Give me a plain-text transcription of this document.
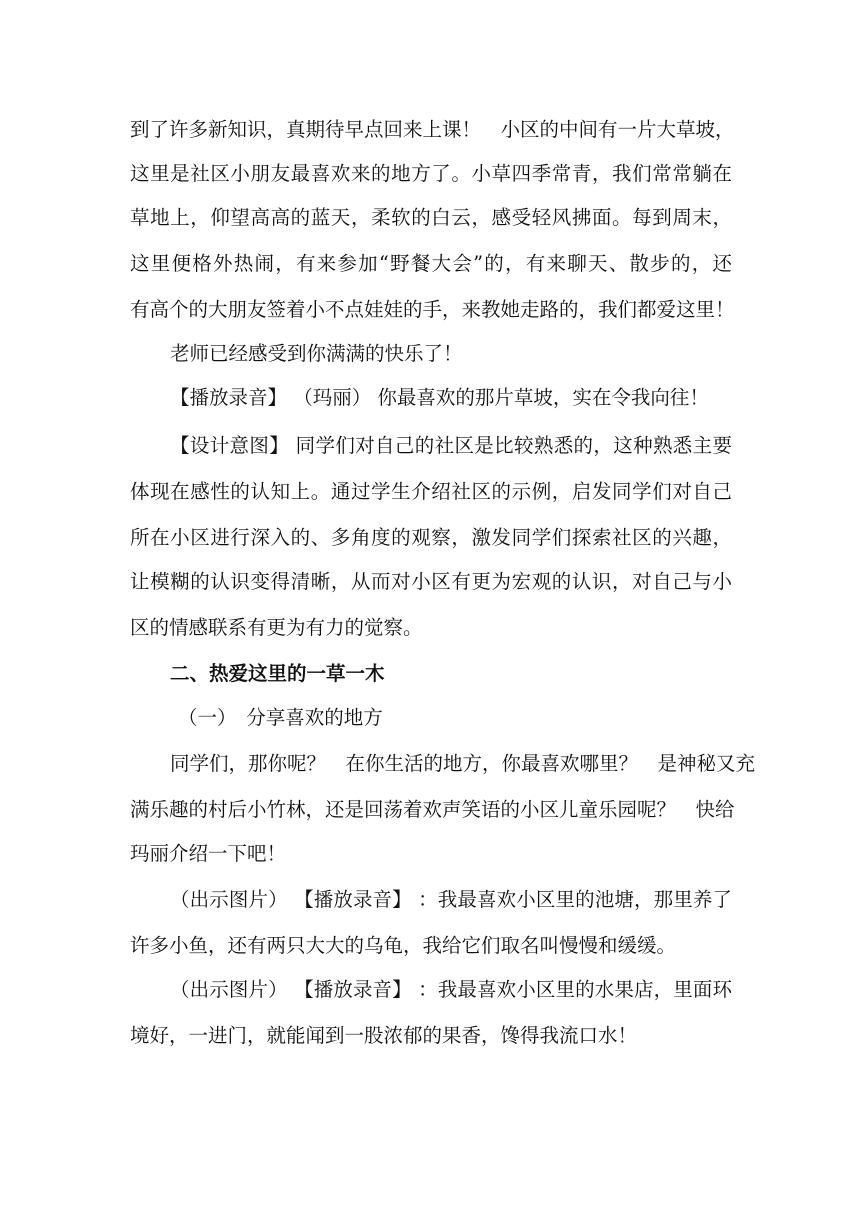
到了许多新知识，真期待早点回来上课！　小区的中间有一片大草坡，
这里是社区小朋友最喜欢来的地方了。小草四季常青，我们常常躺在
草地上，仰望高高的蓝天，柔软的白云，感受轻风拂面。每到周末，
这里便格外热闹，有来参加“野餐大会”的，有来聊天、散步的，还
有高个的大朋友签着小不点娃娃的手，来教她走路的，我们都爱这里！
老师已经感受到你满满的快乐了！
【播放录音】 （玛丽） 你最喜欢的那片草坡，实在令我向往！
【设计意图】 同学们对自己的社区是比较熟悉的，这种熟悉主要
体现在感性的认知上。通过学生介绍社区的示例，启发同学们对自己
所在小区进行深入的、多角度的观察，激发同学们探索社区的兴趣，
让模糊的认识变得清晰，从而对小区有更为宏观的认识，对自己与小
区的情感联系有更为有力的觉察。
二、热爱这里的一草一木
（一）　分享喜欢的地方
同学们，那你呢？　在你生活的地方，你最喜欢哪里？　是神秘又充
满乐趣的村后小竹林，还是回荡着欢声笑语的小区儿童乐园呢？　快给
玛丽介绍一下吧！
（出示图片） 【播放录音】 ：我最喜欢小区里的池塘，那里养了
许多小鱼，还有两只大大的乌龟，我给它们取名叫慢慢和缓缓。
（出示图片） 【播放录音】 ：我最喜欢小区里的水果店，里面环
境好，一进门，就能闻到一股浓郁的果香，馋得我流口水！
